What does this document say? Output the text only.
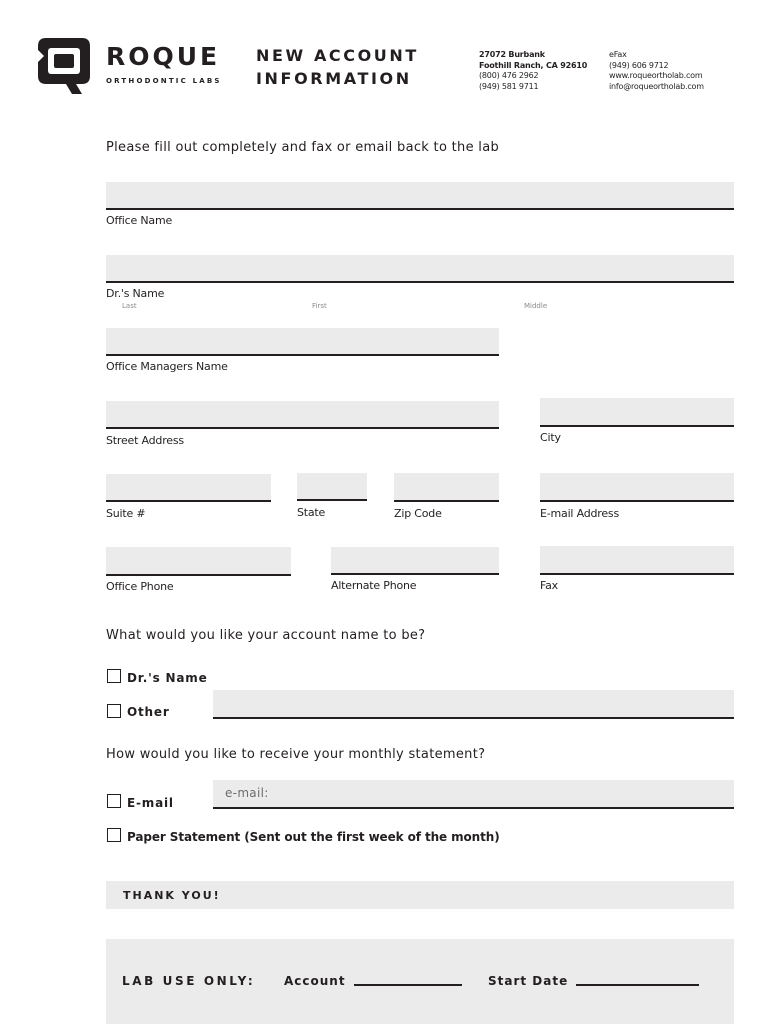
ROQUE
ORTHODONTIC LABS
NEW ACCOUNT
INFORMATION
27072 Burbank
Foothill Ranch, CA 92610
(800) 476 2962
(949) 581 9711
eFax
(949) 606 9712
www.roqueortholab.com
info@roqueortholab.com
Please fill out completely and fax or email back to the lab
Office Name
Dr.'s Name
Last	First	Middle
Office Managers Name
Street Address	City
Suite #	State	Zip Code	E-mail Address
Office Phone	Alternate Phone	Fax
What would you like your account name to be?
Dr.'s Name
Other
How would you like to receive your monthly statement?
E-mail
e-mail:
Paper Statement (Sent out the first week of the month)
THANK YOU!
LAB USE ONLY: Account	Start Date
